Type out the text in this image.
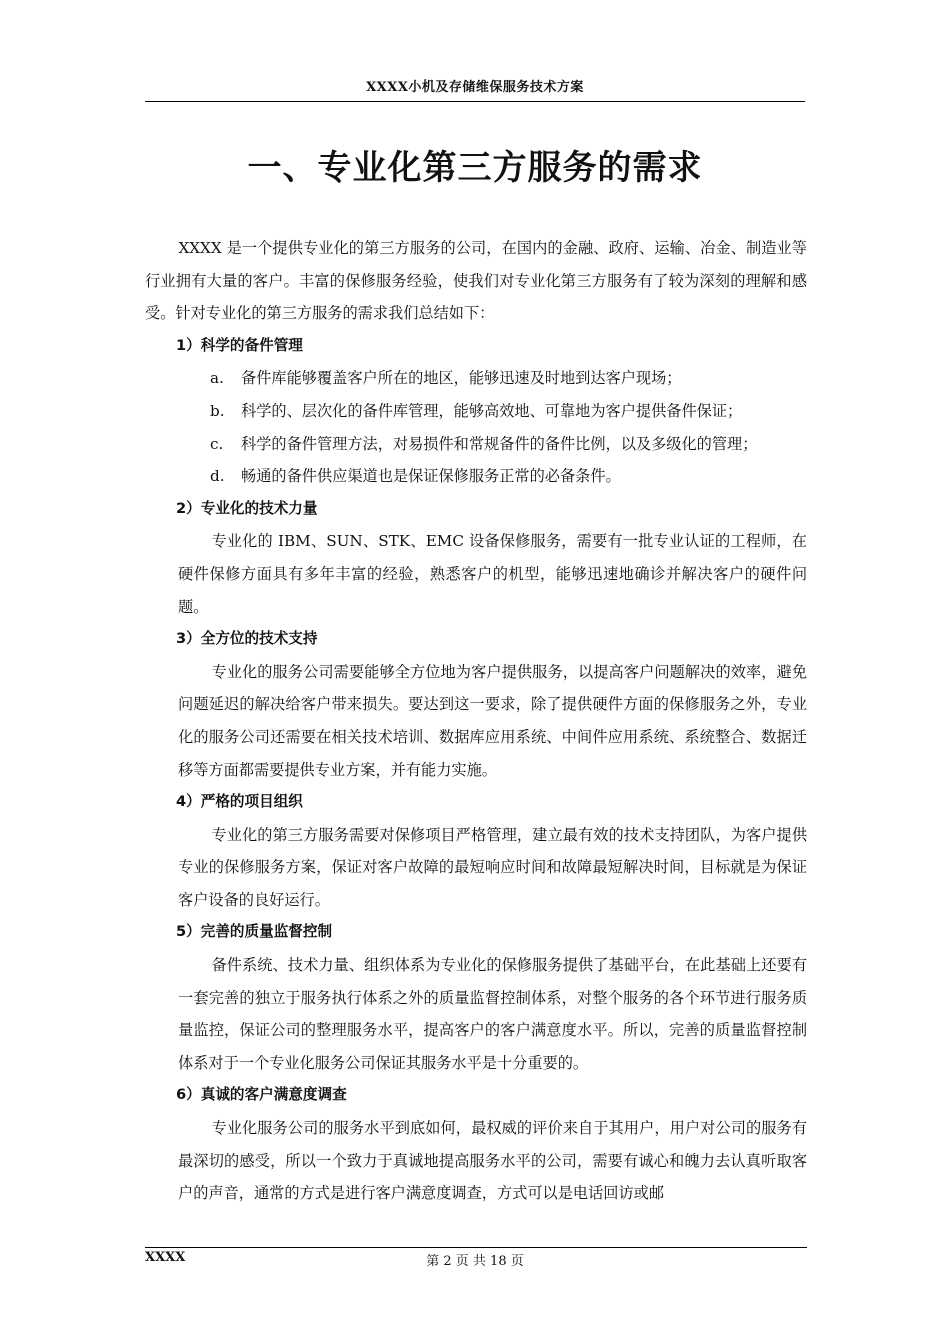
XXXX小机及存储维保服务技术方案
一、专业化第三方服务的需求

XXXX 是一个提供专业化的第三方服务的公司，在国内的金融、政府、运输、冶金、制造业等行业拥有大量的客户。丰富的保修服务经验，使我们对专业化第三方服务有了较为深刻的理解和感受。针对专业化的第三方服务的需求我们总结如下：

1）科学的备件管理

a.	备件库能够覆盖客户所在的地区，能够迅速及时地到达客户现场；
b.	科学的、层次化的备件库管理，能够高效地、可靠地为客户提供备件保证；
c.	科学的备件管理方法，对易损件和常规备件的备件比例，以及多级化的管理；
d.	畅通的备件供应渠道也是保证保修服务正常的必备条件。

2）专业化的技术力量

专业化的 IBM、SUN、STK、EMC 设备保修服务，需要有一批专业认证的工程师，在硬件保修方面具有多年丰富的经验，熟悉客户的机型，能够迅速地确诊并解决客户的硬件问题。

3）全方位的技术支持

专业化的服务公司需要能够全方位地为客户提供服务，以提高客户问题解决的效率，避免问题延迟的解决给客户带来损失。要达到这一要求，除了提供硬件方面的保修服务之外，专业化的服务公司还需要在相关技术培训、数据库应用系统、中间件应用系统、系统整合、数据迁移等方面都需要提供专业方案，并有能力实施。

4）严格的项目组织

专业化的第三方服务需要对保修项目严格管理，建立最有效的技术支持团队，为客户提供专业的保修服务方案，保证对客户故障的最短响应时间和故障最短解决时间，目标就是为保证客户设备的良好运行。

5）完善的质量监督控制

备件系统、技术力量、组织体系为专业化的保修服务提供了基础平台，在此基础上还要有一套完善的独立于服务执行体系之外的质量监督控制体系，对整个服务的各个环节进行服务质量监控，保证公司的整理服务水平，提高客户的客户满意度水平。所以，完善的质量监督控制体系对于一个专业化服务公司保证其服务水平是十分重要的。

6）真诚的客户满意度调查

专业化服务公司的服务水平到底如何，最权威的评价来自于其用户，用户对公司的服务有最深切的感受，所以一个致力于真诚地提高服务水平的公司，需要有诚心和魄力去认真听取客户的声音，通常的方式是进行客户满意度调查，方式可以是电话回访或邮

XXXX	第 2 页 共 18 页
